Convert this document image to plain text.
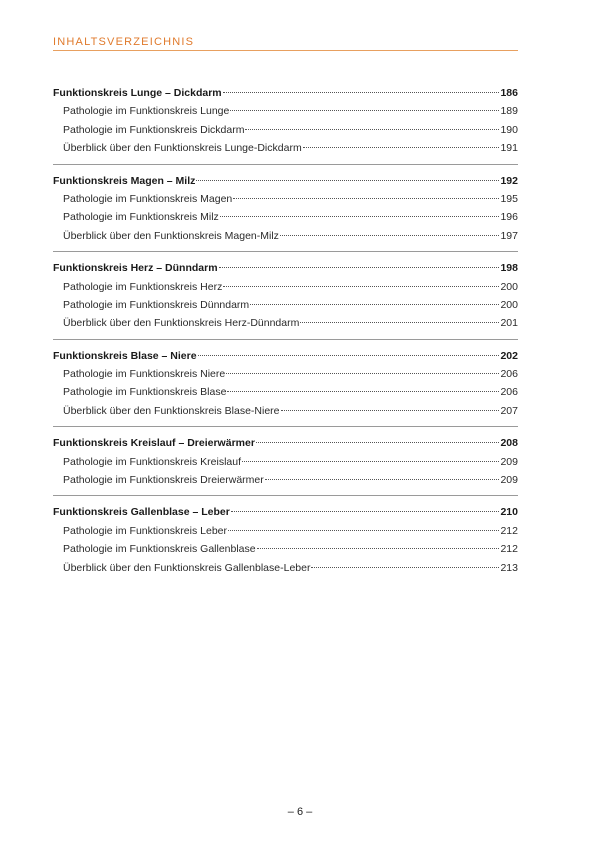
INHALTSVERZEICHNIS
Funktionskreis Lunge – Dickdarm	186
Pathologie im Funktionskreis Lunge	189
Pathologie im Funktionskreis Dickdarm	190
Überblick über den Funktionskreis Lunge-Dickdarm	191
Funktionskreis Magen – Milz	192
Pathologie im Funktionskreis Magen	195
Pathologie im Funktionskreis Milz	196
Überblick über den Funktionskreis Magen-Milz	197
Funktionskreis Herz – Dünndarm	198
Pathologie im Funktionskreis Herz	200
Pathologie im Funktionskreis Dünndarm	200
Überblick über den Funktionskreis Herz-Dünndarm	201
Funktionskreis Blase – Niere	202
Pathologie im Funktionskreis Niere	206
Pathologie im Funktionskreis Blase	206
Überblick über den Funktionskreis Blase-Niere	207
Funktionskreis Kreislauf – Dreierwärmer	208
Pathologie im Funktionskreis Kreislauf	209
Pathologie im Funktionskreis Dreierwärmer	209
Funktionskreis Gallenblase – Leber	210
Pathologie im Funktionskreis Leber	212
Pathologie im Funktionskreis Gallenblase	212
Überblick über den Funktionskreis Gallenblase-Leber	213
– 6 –
